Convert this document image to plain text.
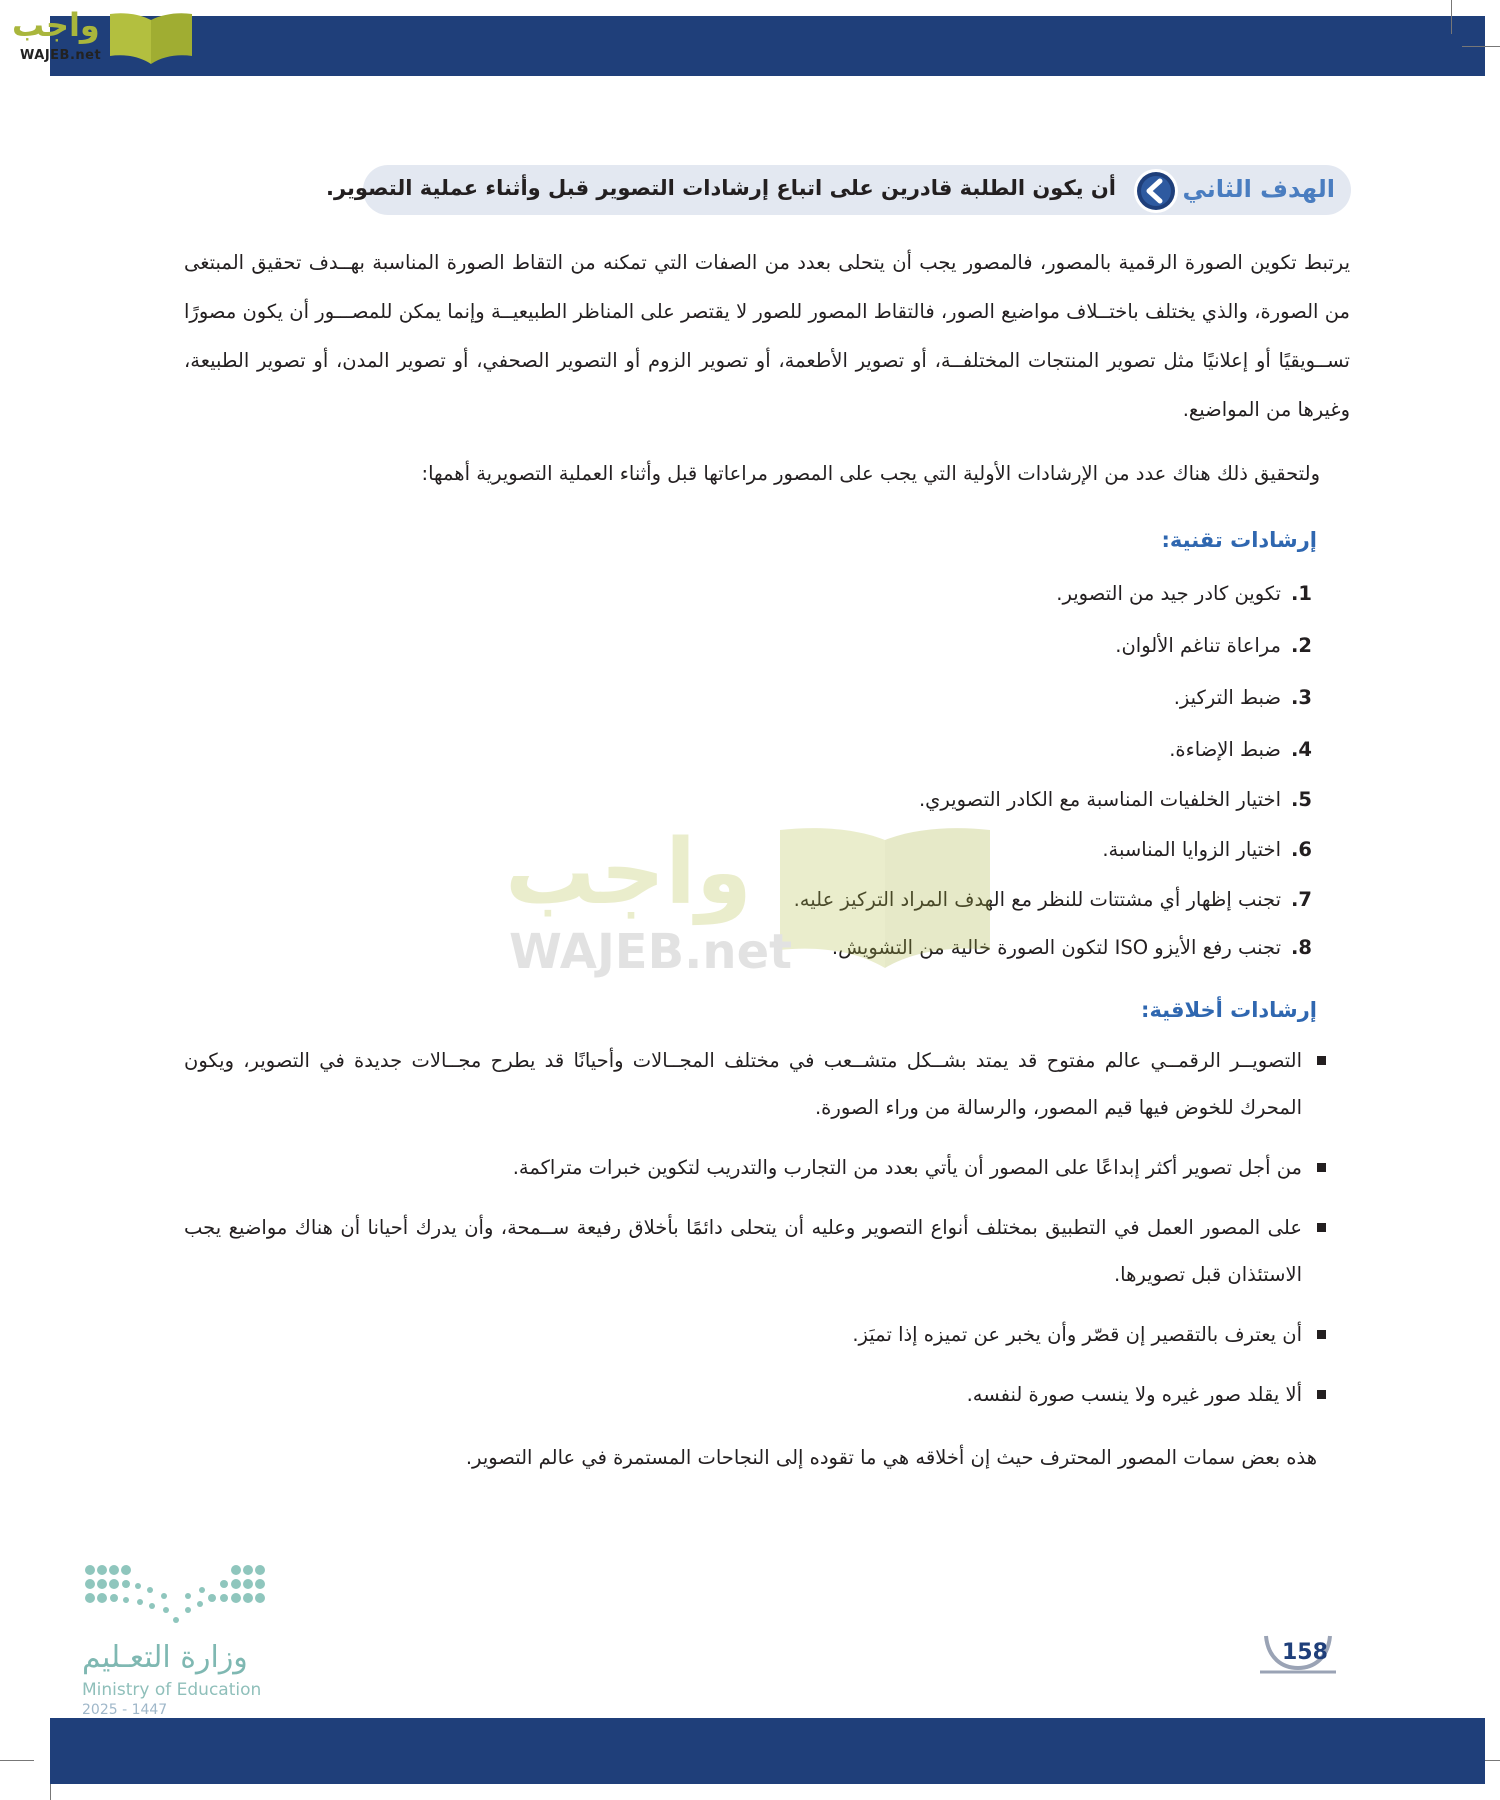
واجب
WAJEB.net
الهدف الثاني
أن يكون الطلبة قادرين على اتباع إرشادات التصوير قبل وأثناء عملية التصوير.
يرتبط تكوين الصورة الرقمية بالمصور، فالمصور يجب أن يتحلى بعدد من الصفات التي تمكنه من التقاط الصورة المناسبة بهــدف تحقيق المبتغى من الصورة، والذي يختلف باختــلاف مواضيع الصور، فالتقاط المصور للصور لا يقتصر على المناظر الطبيعيــة وإنما يمكن للمصـــور أن يكون مصورًا تســويقيًا أو إعلانيًا مثل تصوير المنتجات المختلفــة، أو تصوير الأطعمة، أو تصوير الزوم أو التصوير الصحفي، أو تصوير المدن، أو تصوير الطبيعة، وغيرها من المواضيع.
ولتحقيق ذلك هناك عدد من الإرشادات الأولية التي يجب على المصور مراعاتها قبل وأثناء العملية التصويرية أهمها:
إرشادات تقنية:
1.تكوين كادر جيد من التصوير.
2.مراعاة تناغم الألوان.
3.ضبط التركيز.
4.ضبط الإضاءة.
5.اختيار الخلفيات المناسبة مع الكادر التصويري.
6.اختيار الزوايا المناسبة.
7.تجنب إظهار أي مشتتات للنظر مع الهدف المراد التركيز عليه.
8.تجنب رفع الأيزو ISO لتكون الصورة خالية من التشويش.
واجب
WAJEB.net
إرشادات أخلاقية:
التصويــر الرقمــي عالم مفتوح قد يمتد بشــكل متشــعب في مختلف المجــالات وأحيانًا قد يطرح مجــالات جديدة في التصوير، ويكون المحرك للخوض فيها قيم المصور، والرسالة من وراء الصورة.
من أجل تصوير أكثر إبداعًا على المصور أن يأتي بعدد من التجارب والتدريب لتكوين خبرات متراكمة.
على المصور العمل في التطبيق بمختلف أنواع التصوير وعليه أن يتحلى دائمًا بأخلاق رفيعة ســمحة، وأن يدرك أحيانا أن هناك مواضيع يجب الاستئذان قبل تصويرها.
أن يعترف بالتقصير إن قصّر وأن يخبر عن تميزه إذا تميَز.
ألا يقلد صور غيره ولا ينسب صورة لنفسه.
هذه بعض سمات المصور المحترف حيث إن أخلاقه هي ما تقوده إلى النجاحات المستمرة في عالم التصوير.
وزارة التعـليم
Ministry of Education
2025 - 1447
158
